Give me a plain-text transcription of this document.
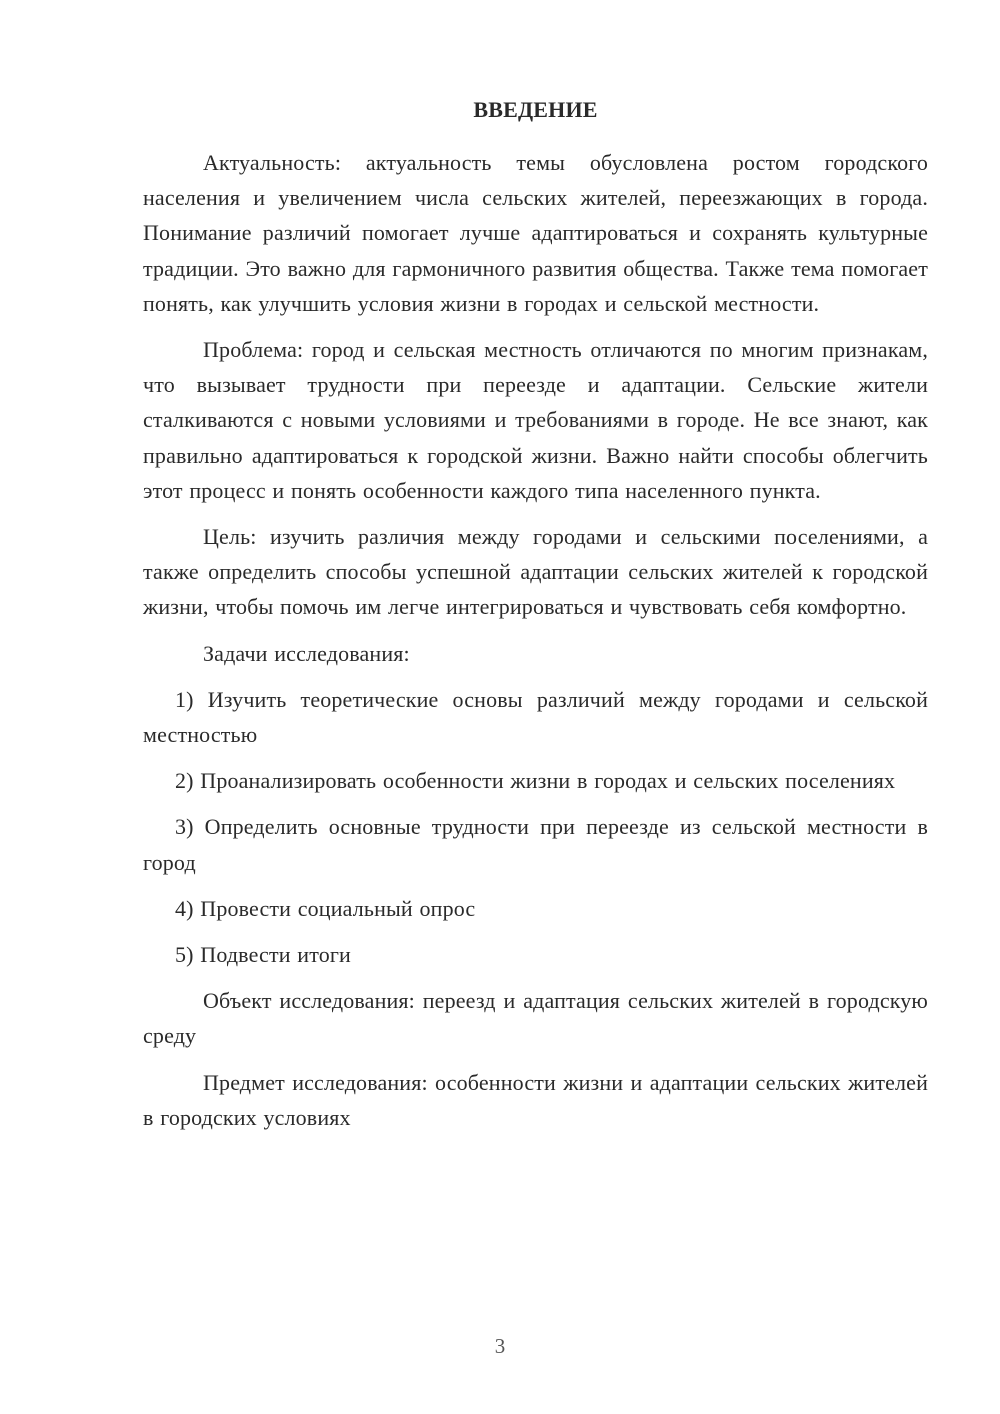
ВВЕДЕНИЕ

Актуальность: актуальность темы обусловлена ростом городского населения и увеличением числа сельских жителей, переезжающих в города. Понимание различий помогает лучше адаптироваться и сохранять культурные традиции. Это важно для гармоничного развития общества. Также тема помогает понять, как улучшить условия жизни в городах и сельской местности.

Проблема: город и сельская местность отличаются по многим признакам, что вызывает трудности при переезде и адаптации. Сельские жители сталкиваются с новыми условиями и требованиями в городе. Не все знают, как правильно адаптироваться к городской жизни. Важно найти способы облегчить этот процесс и понять особенности каждого типа населенного пункта.

Цель: изучить различия между городами и сельскими поселениями, а также определить способы успешной адаптации сельских жителей к городской жизни, чтобы помочь им легче интегрироваться и чувствовать себя комфортно.

Задачи исследования:

1) Изучить теоретические основы различий между городами и сельской местностью

2) Проанализировать особенности жизни в городах и сельских поселениях

3) Определить основные трудности при переезде из сельской местности в город

4) Провести социальный опрос

5) Подвести итоги

Объект исследования: переезд и адаптация сельских жителей в городскую среду

Предмет исследования: особенности жизни и адаптации сельских жителей в городских условиях

3
